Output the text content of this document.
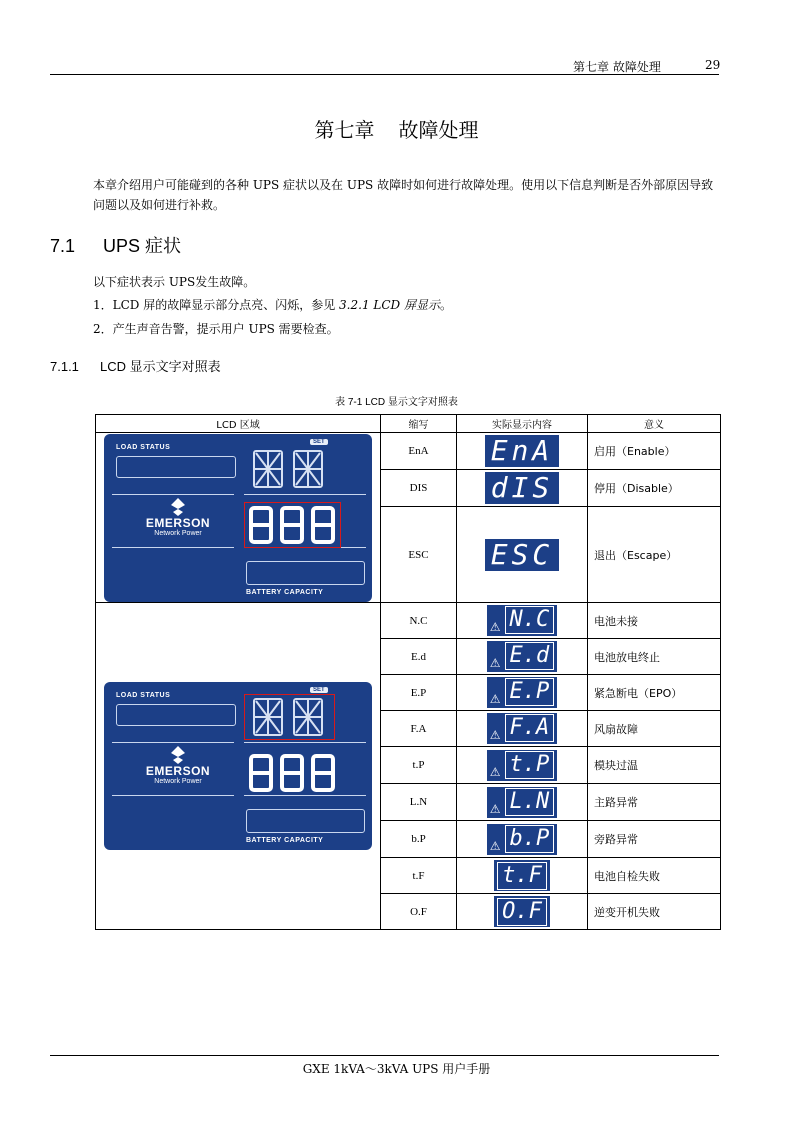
第七章 故障处理	29
第七章 故障处理
本章介绍用户可能碰到的各种 UPS 症状以及在 UPS 故障时如何进行故障处理。使用以下信息判断是否外部原因导致问题以及如何进行补救。
7.1 UPS 症状
以下症状表示 UPS发生故障。
1．LCD 屏的故障显示部分点亮、闪烁，参见 3.2.1 LCD 屏显示。
2．产生声音告警，提示用户 UPS 需要检查。
7.1.1 LCD 显示文字对照表
表 7-1 LCD 显示文字对照表
LCD 区域	缩写	实际显示内容	意义

LOAD STATUS
SET
EMERSON
Network Power
BATTERY CAPACITY	EnA	EnA	启用（Enable）
	DIS	dIS	停用（Disable）
	ESC	ESC	退出（Escape）

LOAD STATUS
SET
EMERSON
Network Power
BATTERY CAPACITY	N.C	⚠ N.C	电池未接
	E.d	⚠ E.d	电池放电终止
	E.P	⚠ E.P	紧急断电（EPO）
	F.A	⚠ F.A	风扇故障
	t.P	⚠ t.P	模块过温
	L.N	⚠ L.N	主路异常
	b.P	⚠ b.P	旁路异常
	t.F	t.F	电池自检失败
	O.F	O.F	逆变开机失败
GXE 1kVA～3kVA UPS 用户手册
